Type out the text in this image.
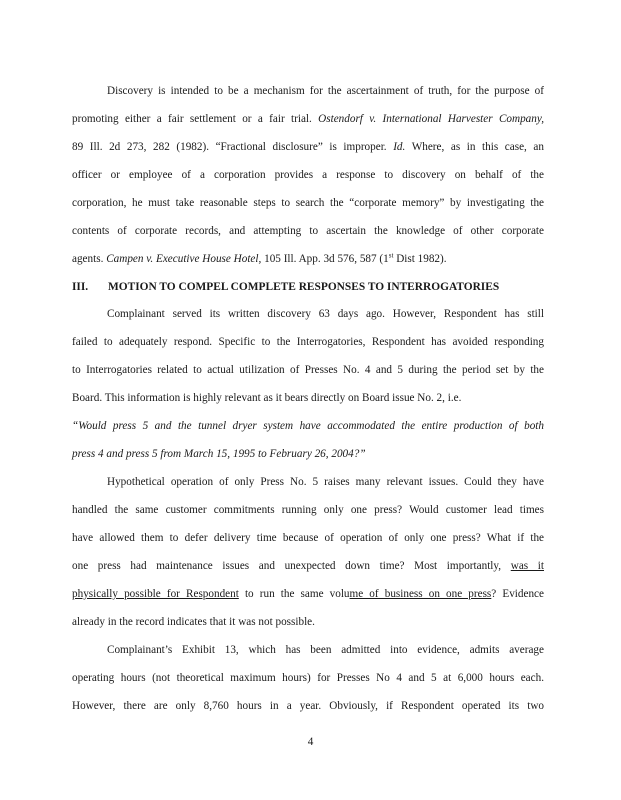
Discovery is intended to be a mechanism for the ascertainment of truth, for the purpose of
promoting either a fair settlement or a fair trial. Ostendorf v. International Harvester Company,
89 Ill. 2d 273, 282 (1982). “Fractional disclosure” is improper. Id. Where, as in this case, an
officer or employee of a corporation provides a response to discovery on behalf of the
corporation, he must take reasonable steps to search the “corporate memory” by investigating the
contents of corporate records, and attempting to ascertain the knowledge of other corporate
agents. Campen v. Executive House Hotel, 105 Ill. App. 3d 576, 587 (1st Dist 1982).
III. MOTION TO COMPEL COMPLETE RESPONSES TO INTERROGATORIES
Complainant served its written discovery 63 days ago. However, Respondent has still
failed to adequately respond. Specific to the Interrogatories, Respondent has avoided responding
to Interrogatories related to actual utilization of Presses No. 4 and 5 during the period set by the
Board. This information is highly relevant as it bears directly on Board issue No. 2, i.e.
“Would press 5 and the tunnel dryer system have accommodated the entire production of both
press 4 and press 5 from March 15, 1995 to February 26, 2004?”
Hypothetical operation of only Press No. 5 raises many relevant issues. Could they have
handled the same customer commitments running only one press? Would customer lead times
have allowed them to defer delivery time because of operation of only one press? What if the
one press had maintenance issues and unexpected down time? Most importantly, was it
physically possible for Respondent to run the same volume of business on one press? Evidence
already in the record indicates that it was not possible.
Complainant’s Exhibit 13, which has been admitted into evidence, admits average
operating hours (not theoretical maximum hours) for Presses No 4 and 5 at 6,000 hours each.
However, there are only 8,760 hours in a year. Obviously, if Respondent operated its two
4
